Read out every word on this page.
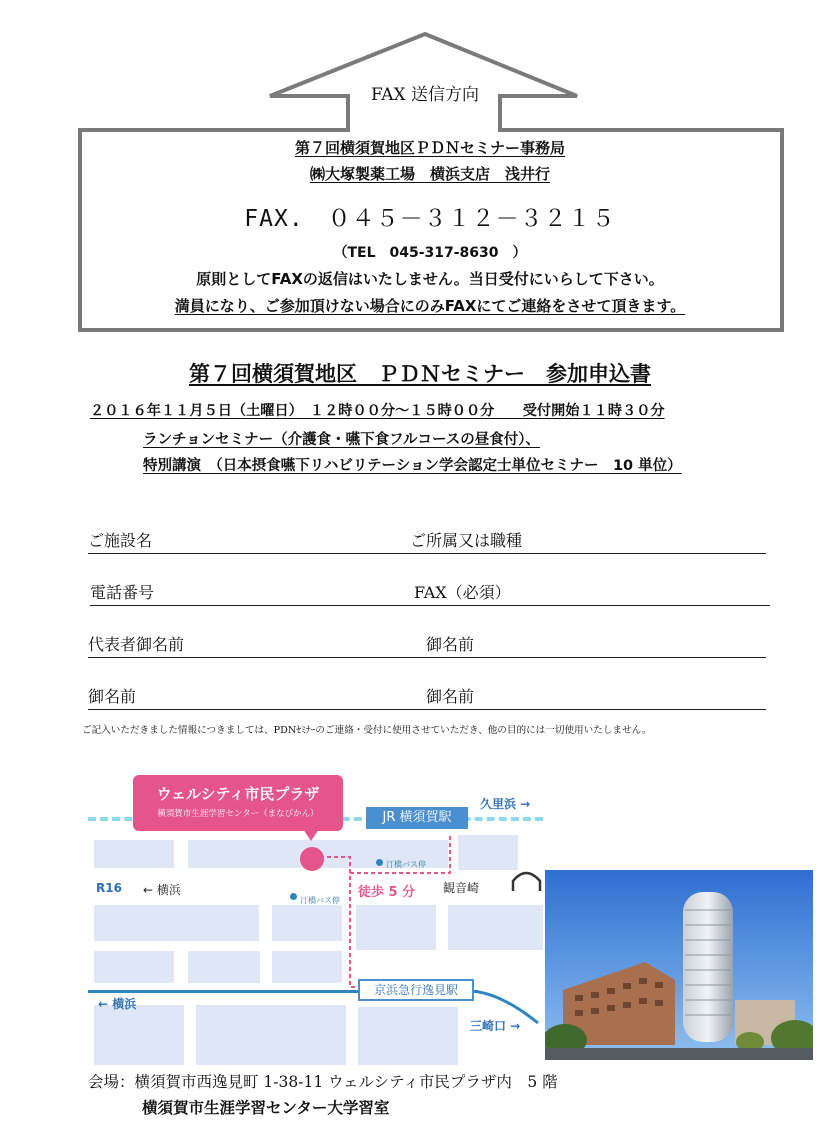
FAX 送信方向
第７回横須賀地区ＰＤＮセミナー事務局
㈱大塚製薬工場　横浜支店　浅井行
FAX.　０４５－３１２－３２１５
（TEL　045-317-8630　）
原則としてFAXの返信はいたしません。当日受付にいらして下さい。
満員になり、ご参加頂けない場合にのみFAXにてご連絡をさせて頂きます。
第７回横須賀地区　ＰＤＮセミナー　参加申込書
２０１６年１１月５日（土曜日）　１２時００分～１５時００分　　受付開始１１時３０分
ランチョンセミナー（介護食・嚥下食フルコースの昼食付）、
特別講演　（日本摂食嚥下リハビリテーション学会認定士単位セミナー　10 単位）
ご施設名	ご所属又は職種
電話番号	FAX（必須）
代表者御名前	御名前
御名前	御名前
ご記入いただきました情報につきましては、PDNｾﾐﾅｰのご連絡・受付に使用させていただき、他の目的には一切使用いたしません。
ウェルシティ市民プラザ
横須賀市生涯学習センター（まなびかん）	JR 横須賀駅
久里浜 →
R16 ← 横浜	徒歩 5 分 観音崎
汀橋バス停
汀橋バス停
京浜急行逸見駅
← 横浜
三崎口 →
会場：横須賀市西逸見町 1-38-11 ウェルシティ市民プラザ内　5 階
横須賀市生涯学習センター大学習室
